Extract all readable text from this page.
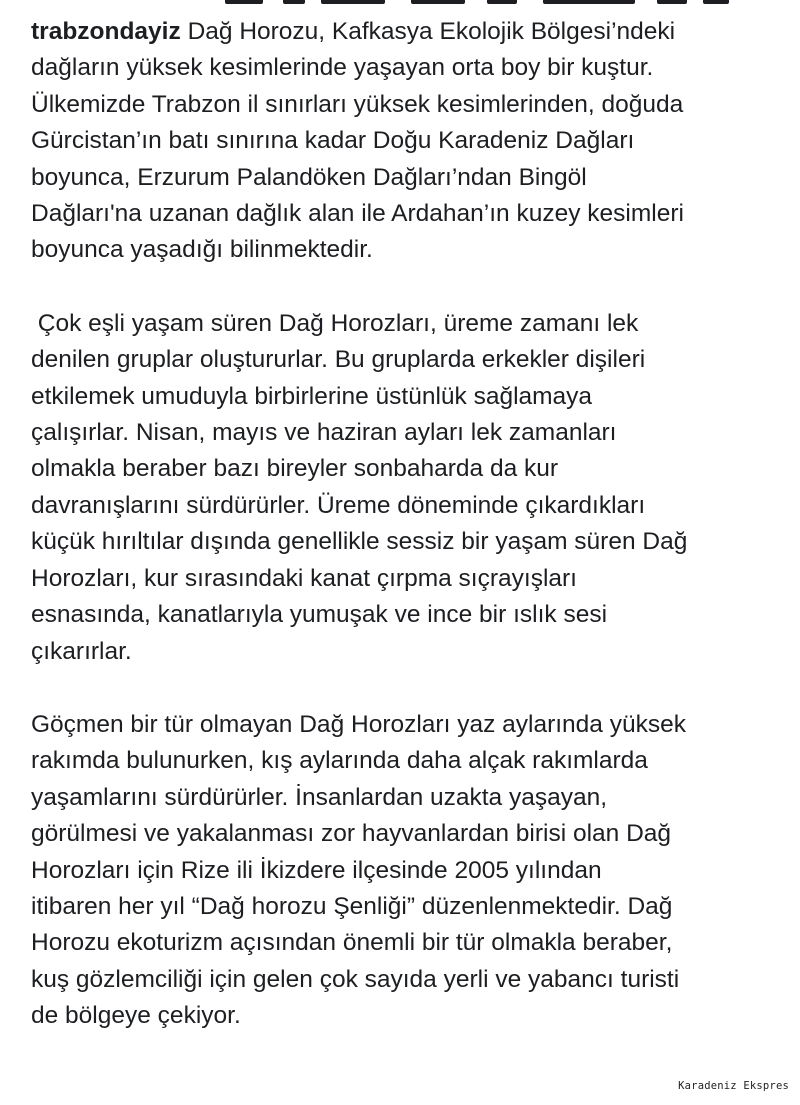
trabzondayiz Dağ Horozu, Kafkasya Ekolojik Bölgesi’ndeki
dağların yüksek kesimlerinde yaşayan orta boy bir kuştur.
Ülkemizde Trabzon il sınırları yüksek kesimlerinden, doğuda
Gürcistan’ın batı sınırına kadar Doğu Karadeniz Dağları
boyunca, Erzurum Palandöken Dağları’ndan Bingöl
Dağları'na uzanan dağlık alan ile Ardahan’ın kuzey kesimleri
boyunca yaşadığı bilinmektedir.

Çok eşli yaşam süren Dağ Horozları, üreme zamanı lek
denilen gruplar oluştururlar. Bu gruplarda erkekler dişileri
etkilemek umuduyla birbirlerine üstünlük sağlamaya
çalışırlar. Nisan, mayıs ve haziran ayları lek zamanları
olmakla beraber bazı bireyler sonbaharda da kur
davranışlarını sürdürürler. Üreme döneminde çıkardıkları
küçük hırıltılar dışında genellikle sessiz bir yaşam süren Dağ
Horozları, kur sırasındaki kanat çırpma sıçrayışları
esnasında, kanatlarıyla yumuşak ve ince bir ıslık sesi
çıkarırlar.

Göçmen bir tür olmayan Dağ Horozları yaz aylarında yüksek
rakımda bulunurken, kış aylarında daha alçak rakımlarda
yaşamlarını sürdürürler. İnsanlardan uzakta yaşayan,
görülmesi ve yakalanması zor hayvanlardan birisi olan Dağ
Horozları için Rize ili İkizdere ilçesinde 2005 yılından
itibaren her yıl “Dağ horozu Şenliği” düzenlenmektedir. Dağ
Horozu ekoturizm açısından önemli bir tür olmakla beraber,
kuş gözlemciliği için gelen çok sayıda yerli ve yabancı turisti
de bölgeye çekiyor.

Karadeniz Ekspres
